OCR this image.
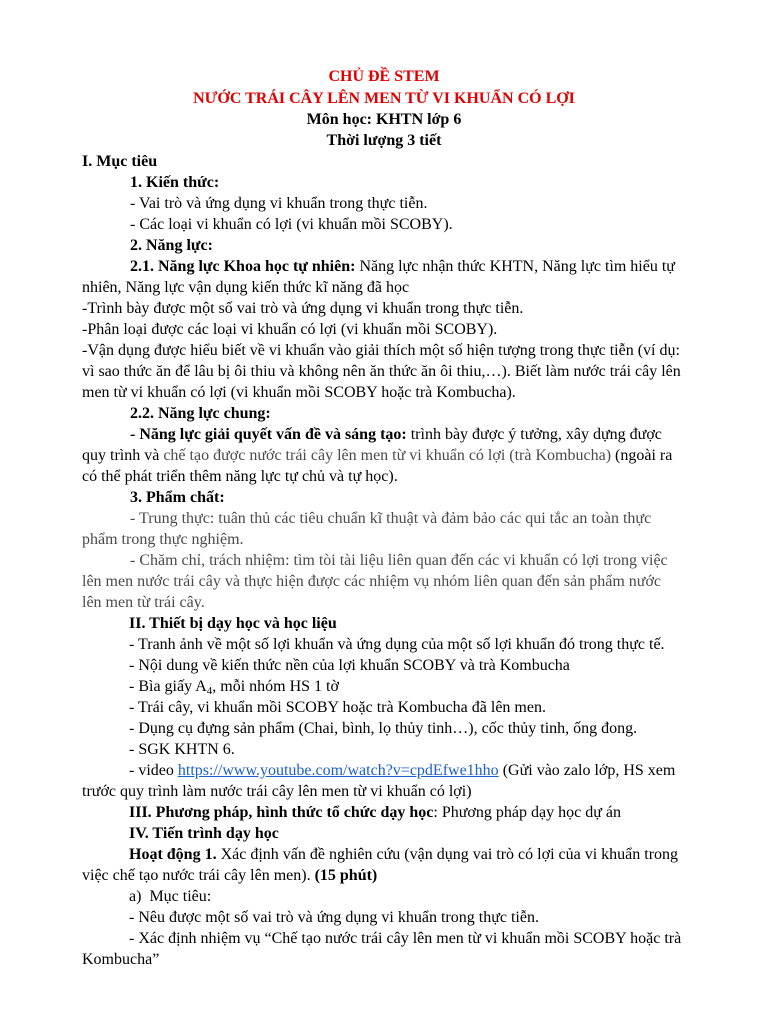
CHỦ ĐỀ STEM
NƯỚC TRÁI CÂY LÊN MEN TỪ VI KHUẨN CÓ LỢI
Môn học: KHTN lớp 6
Thời lượng 3 tiết
I. Mục tiêu
1. Kiến thức:
- Vai trò và ứng dụng vi khuẩn trong thực tiễn.
- Các loại vi khuẩn có lợi (vi khuẩn mồi SCOBY).
2. Năng lực:
2.1. Năng lực Khoa học tự nhiên: Năng lực nhận thức KHTN, Năng lực tìm hiểu tự
nhiên, Năng lực vận dụng kiến thức kĩ năng đã học
-Trình bày được một số vai trò và ứng dụng vi khuẩn trong thực tiễn.
-Phân loại được các loại vi khuẩn có lợi (vi khuẩn mồi SCOBY).
-Vận dụng được hiểu biết về vi khuẩn vào giải thích một số hiện tượng trong thực tiễn (ví dụ:
vì sao thức ăn để lâu bị ôi thiu và không nên ăn thức ăn ôi thiu,…). Biết làm nước trái cây lên
men từ vi khuẩn có lợi (vi khuẩn mồi SCOBY hoặc trà Kombucha).
2.2. Năng lực chung:
- Năng lực giải quyết vấn đề và sáng tạo: trình bày được ý tưởng, xây dựng được
quy trình và chế tạo được nước trái cây lên men từ vi khuẩn có lợi (trà Kombucha) (ngoài ra
có thể phát triển thêm năng lực tự chủ và tự học).
3. Phẩm chất:
- Trung thực: tuân thủ các tiêu chuẩn kĩ thuật và đảm bảo các qui tắc an toàn thực
phẩm trong thực nghiệm.
- Chăm chỉ, trách nhiệm: tìm tòi tài liệu liên quan đến các vi khuẩn có lợi trong việc
lên men nước trái cây và thực hiện được các nhiệm vụ nhóm liên quan đến sản phẩm nước
lên men từ trái cây.
II. Thiết bị dạy học và học liệu
- Tranh ảnh về một số lợi khuẩn và ứng dụng của một số lợi khuẩn đó trong thực tế.
- Nội dung về kiến thức nền của lợi khuẩn SCOBY và trà Kombucha
- Bìa giấy $A_4$, mỗi nhóm HS 1 tờ
- Trái cây, vi khuẩn mồi SCOBY hoặc trà Kombucha đã lên men.
- Dụng cụ đựng sản phẩm (Chai, bình, lọ thủy tinh…), cốc thủy tinh, ống đong.
- SGK KHTN 6.
- video https://www.youtube.com/watch?v=cpdEfwe1hho (Gửi vào zalo lớp, HS xem
trước quy trình làm nước trái cây lên men từ vi khuẩn có lợi)
III. Phương pháp, hình thức tổ chức dạy học: Phương pháp dạy học dự án
IV. Tiến trình dạy học
Hoạt động 1. Xác định vấn đề nghiên cứu (vận dụng vai trò có lợi của vi khuẩn trong
việc chế tạo nước trái cây lên men). (15 phút)
a) Mục tiêu:
- Nêu được một số vai trò và ứng dụng vi khuẩn trong thực tiễn.
- Xác định nhiệm vụ “Chế tạo nước trái cây lên men từ vi khuẩn mồi SCOBY hoặc trà
Kombucha”
